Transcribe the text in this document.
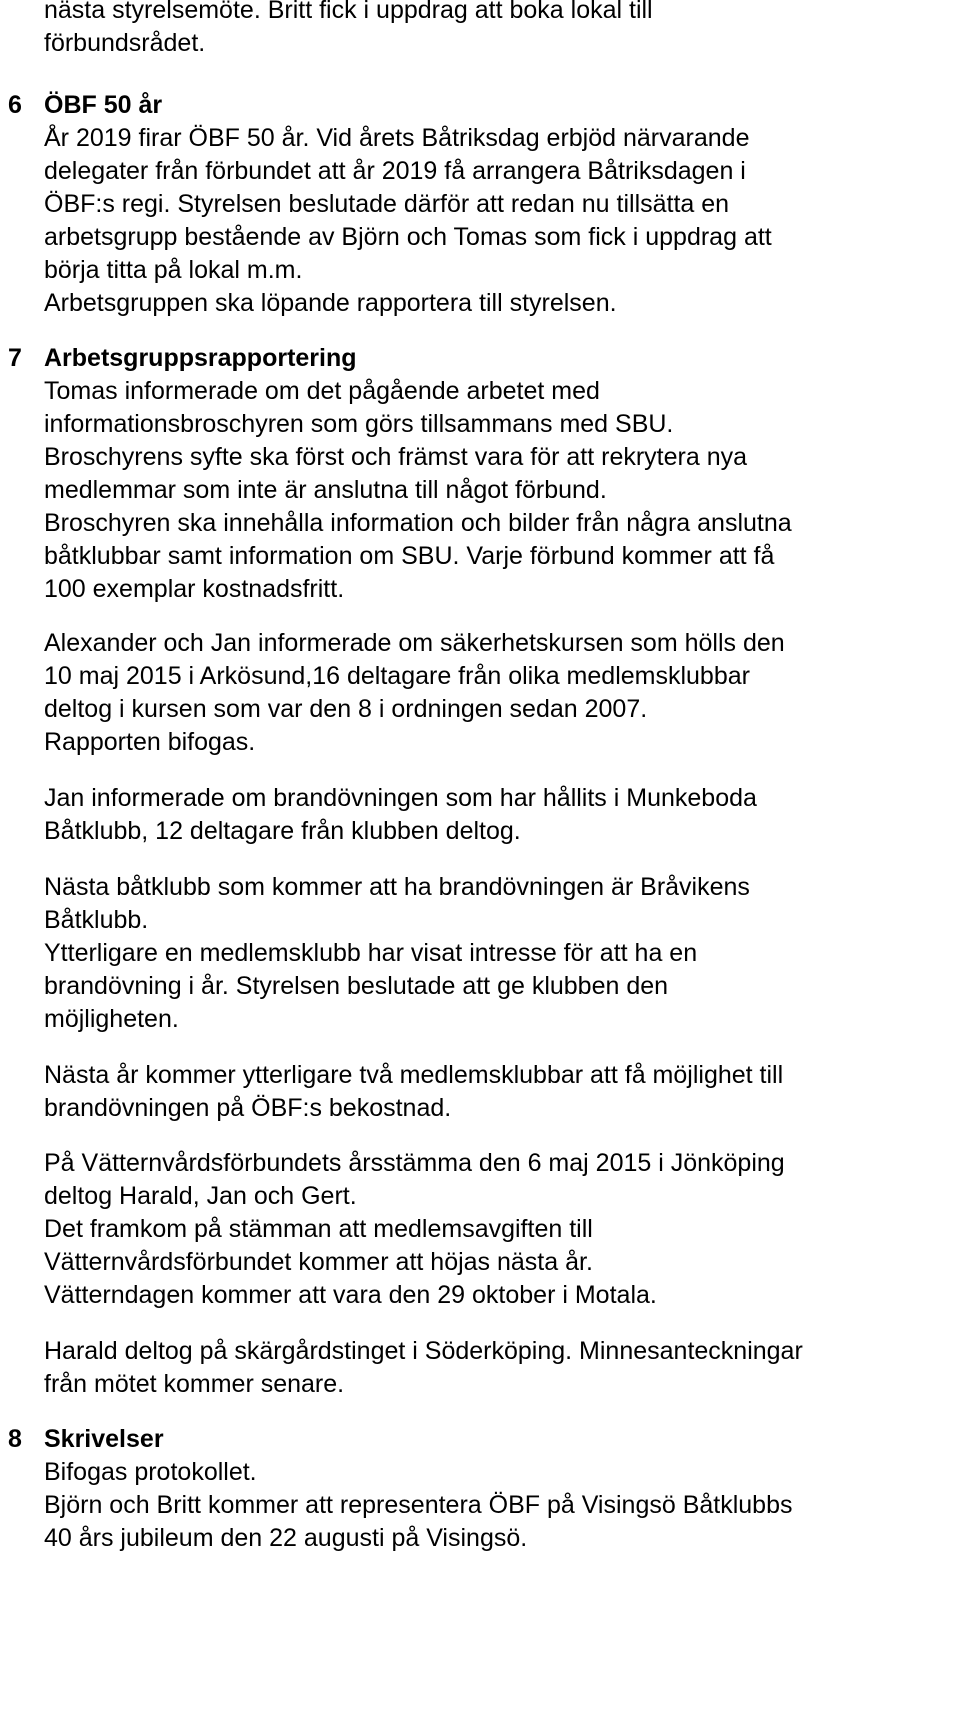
nästa styrelsemöte. Britt fick i uppdrag att boka lokal till
förbundsrådet.
6 ÖBF 50 år
År 2019 firar ÖBF 50 år. Vid årets Båtriksdag erbjöd närvarande
delegater från förbundet att år 2019 få arrangera Båtriksdagen i
ÖBF:s regi. Styrelsen beslutade därför att redan nu tillsätta en
arbetsgrupp bestående av Björn och Tomas som fick i uppdrag att
börja titta på lokal m.m.
Arbetsgruppen ska löpande rapportera till styrelsen.
7 Arbetsgruppsrapportering
Tomas informerade om det pågående arbetet med
informationsbroschyren som görs tillsammans med SBU.
Broschyrens syfte ska först och främst vara för att rekrytera nya
medlemmar som inte är anslutna till något förbund.
Broschyren ska innehålla information och bilder från några anslutna
båtklubbar samt information om SBU. Varje förbund kommer att få
100 exemplar kostnadsfritt.
Alexander och Jan informerade om säkerhetskursen som hölls den
10 maj 2015 i Arkösund,16 deltagare från olika medlemsklubbar
deltog i kursen som var den 8 i ordningen sedan 2007.
Rapporten bifogas.
Jan informerade om brandövningen som har hållits i Munkeboda
Båtklubb, 12 deltagare från klubben deltog.
Nästa båtklubb som kommer att ha brandövningen är Bråvikens
Båtklubb.
Ytterligare en medlemsklubb har visat intresse för att ha en
brandövning i år. Styrelsen beslutade att ge klubben den
möjligheten.
Nästa år kommer ytterligare två medlemsklubbar att få möjlighet till
brandövningen på ÖBF:s bekostnad.
På Vätternvårdsförbundets årsstämma den 6 maj 2015 i Jönköping
deltog Harald, Jan och Gert.
Det framkom på stämman att medlemsavgiften till
Vätternvårdsförbundet kommer att höjas nästa år.
Vätterndagen kommer att vara den 29 oktober i Motala.
Harald deltog på skärgårdstinget i Söderköping. Minnesanteckningar
från mötet kommer senare.
8 Skrivelser
Bifogas protokollet.
Björn och Britt kommer att representera ÖBF på Visingsö Båtklubbs
40 års jubileum den 22 augusti på Visingsö.
